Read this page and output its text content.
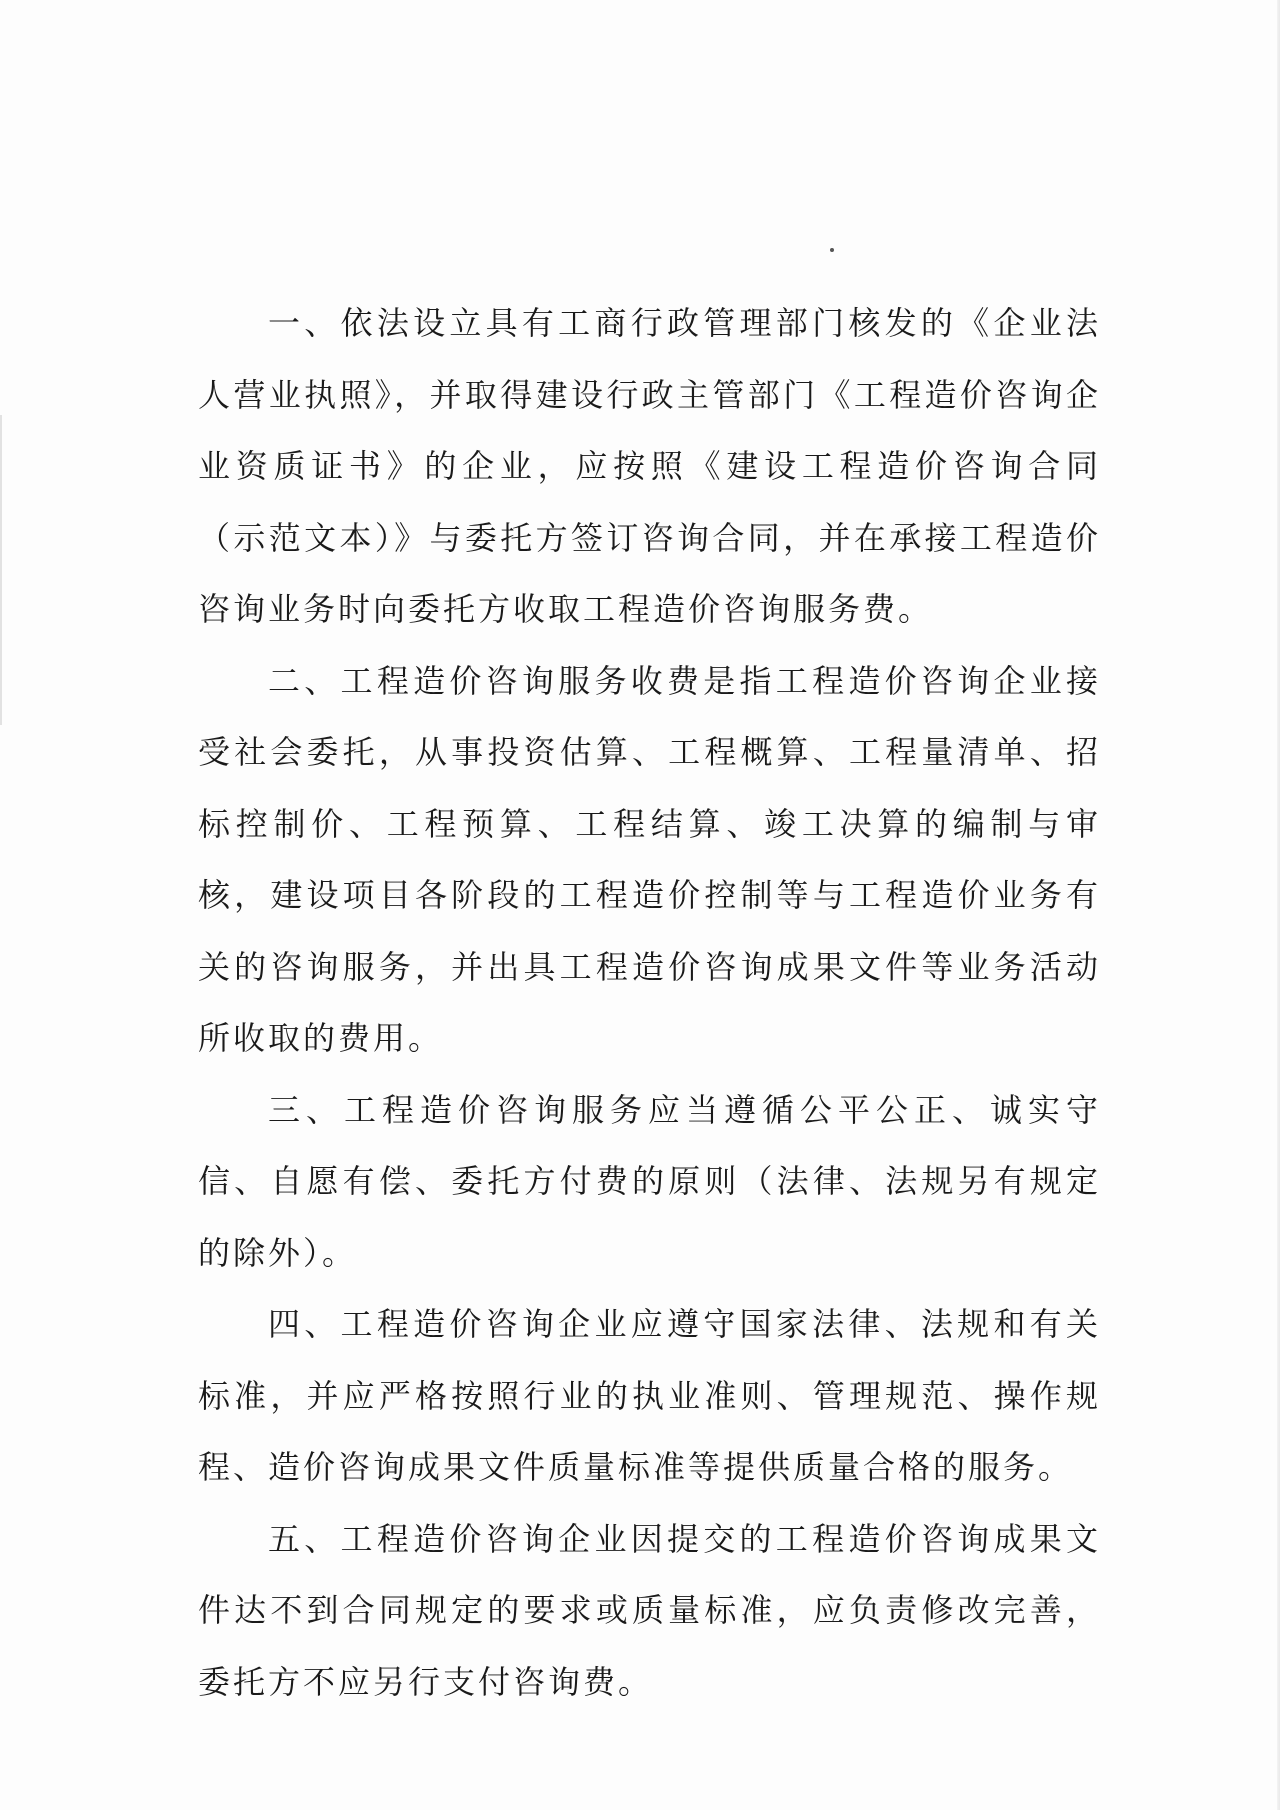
一、依法设立具有工商行政管理部门核发的《企业法人营业执照》，并取得建设行政主管部门《工程造价咨询企业资质证书》的企业，应按照《建设工程造价咨询合同（示范文本）》与委托方签订咨询合同，并在承接工程造价咨询业务时向委托方收取工程造价咨询服务费。

二、工程造价咨询服务收费是指工程造价咨询企业接受社会委托，从事投资估算、工程概算、工程量清单、招标控制价、工程预算、工程结算、竣工决算的编制与审核，建设项目各阶段的工程造价控制等与工程造价业务有关的咨询服务，并出具工程造价咨询成果文件等业务活动所收取的费用。

三、工程造价咨询服务应当遵循公平公正、诚实守信、自愿有偿、委托方付费的原则（法律、法规另有规定的除外）。

四、工程造价咨询企业应遵守国家法律、法规和有关标准，并应严格按照行业的执业准则、管理规范、操作规程、造价咨询成果文件质量标准等提供质量合格的服务。

五、工程造价咨询企业因提交的工程造价咨询成果文件达不到合同规定的要求或质量标准，应负责修改完善，委托方不应另行支付咨询费。
